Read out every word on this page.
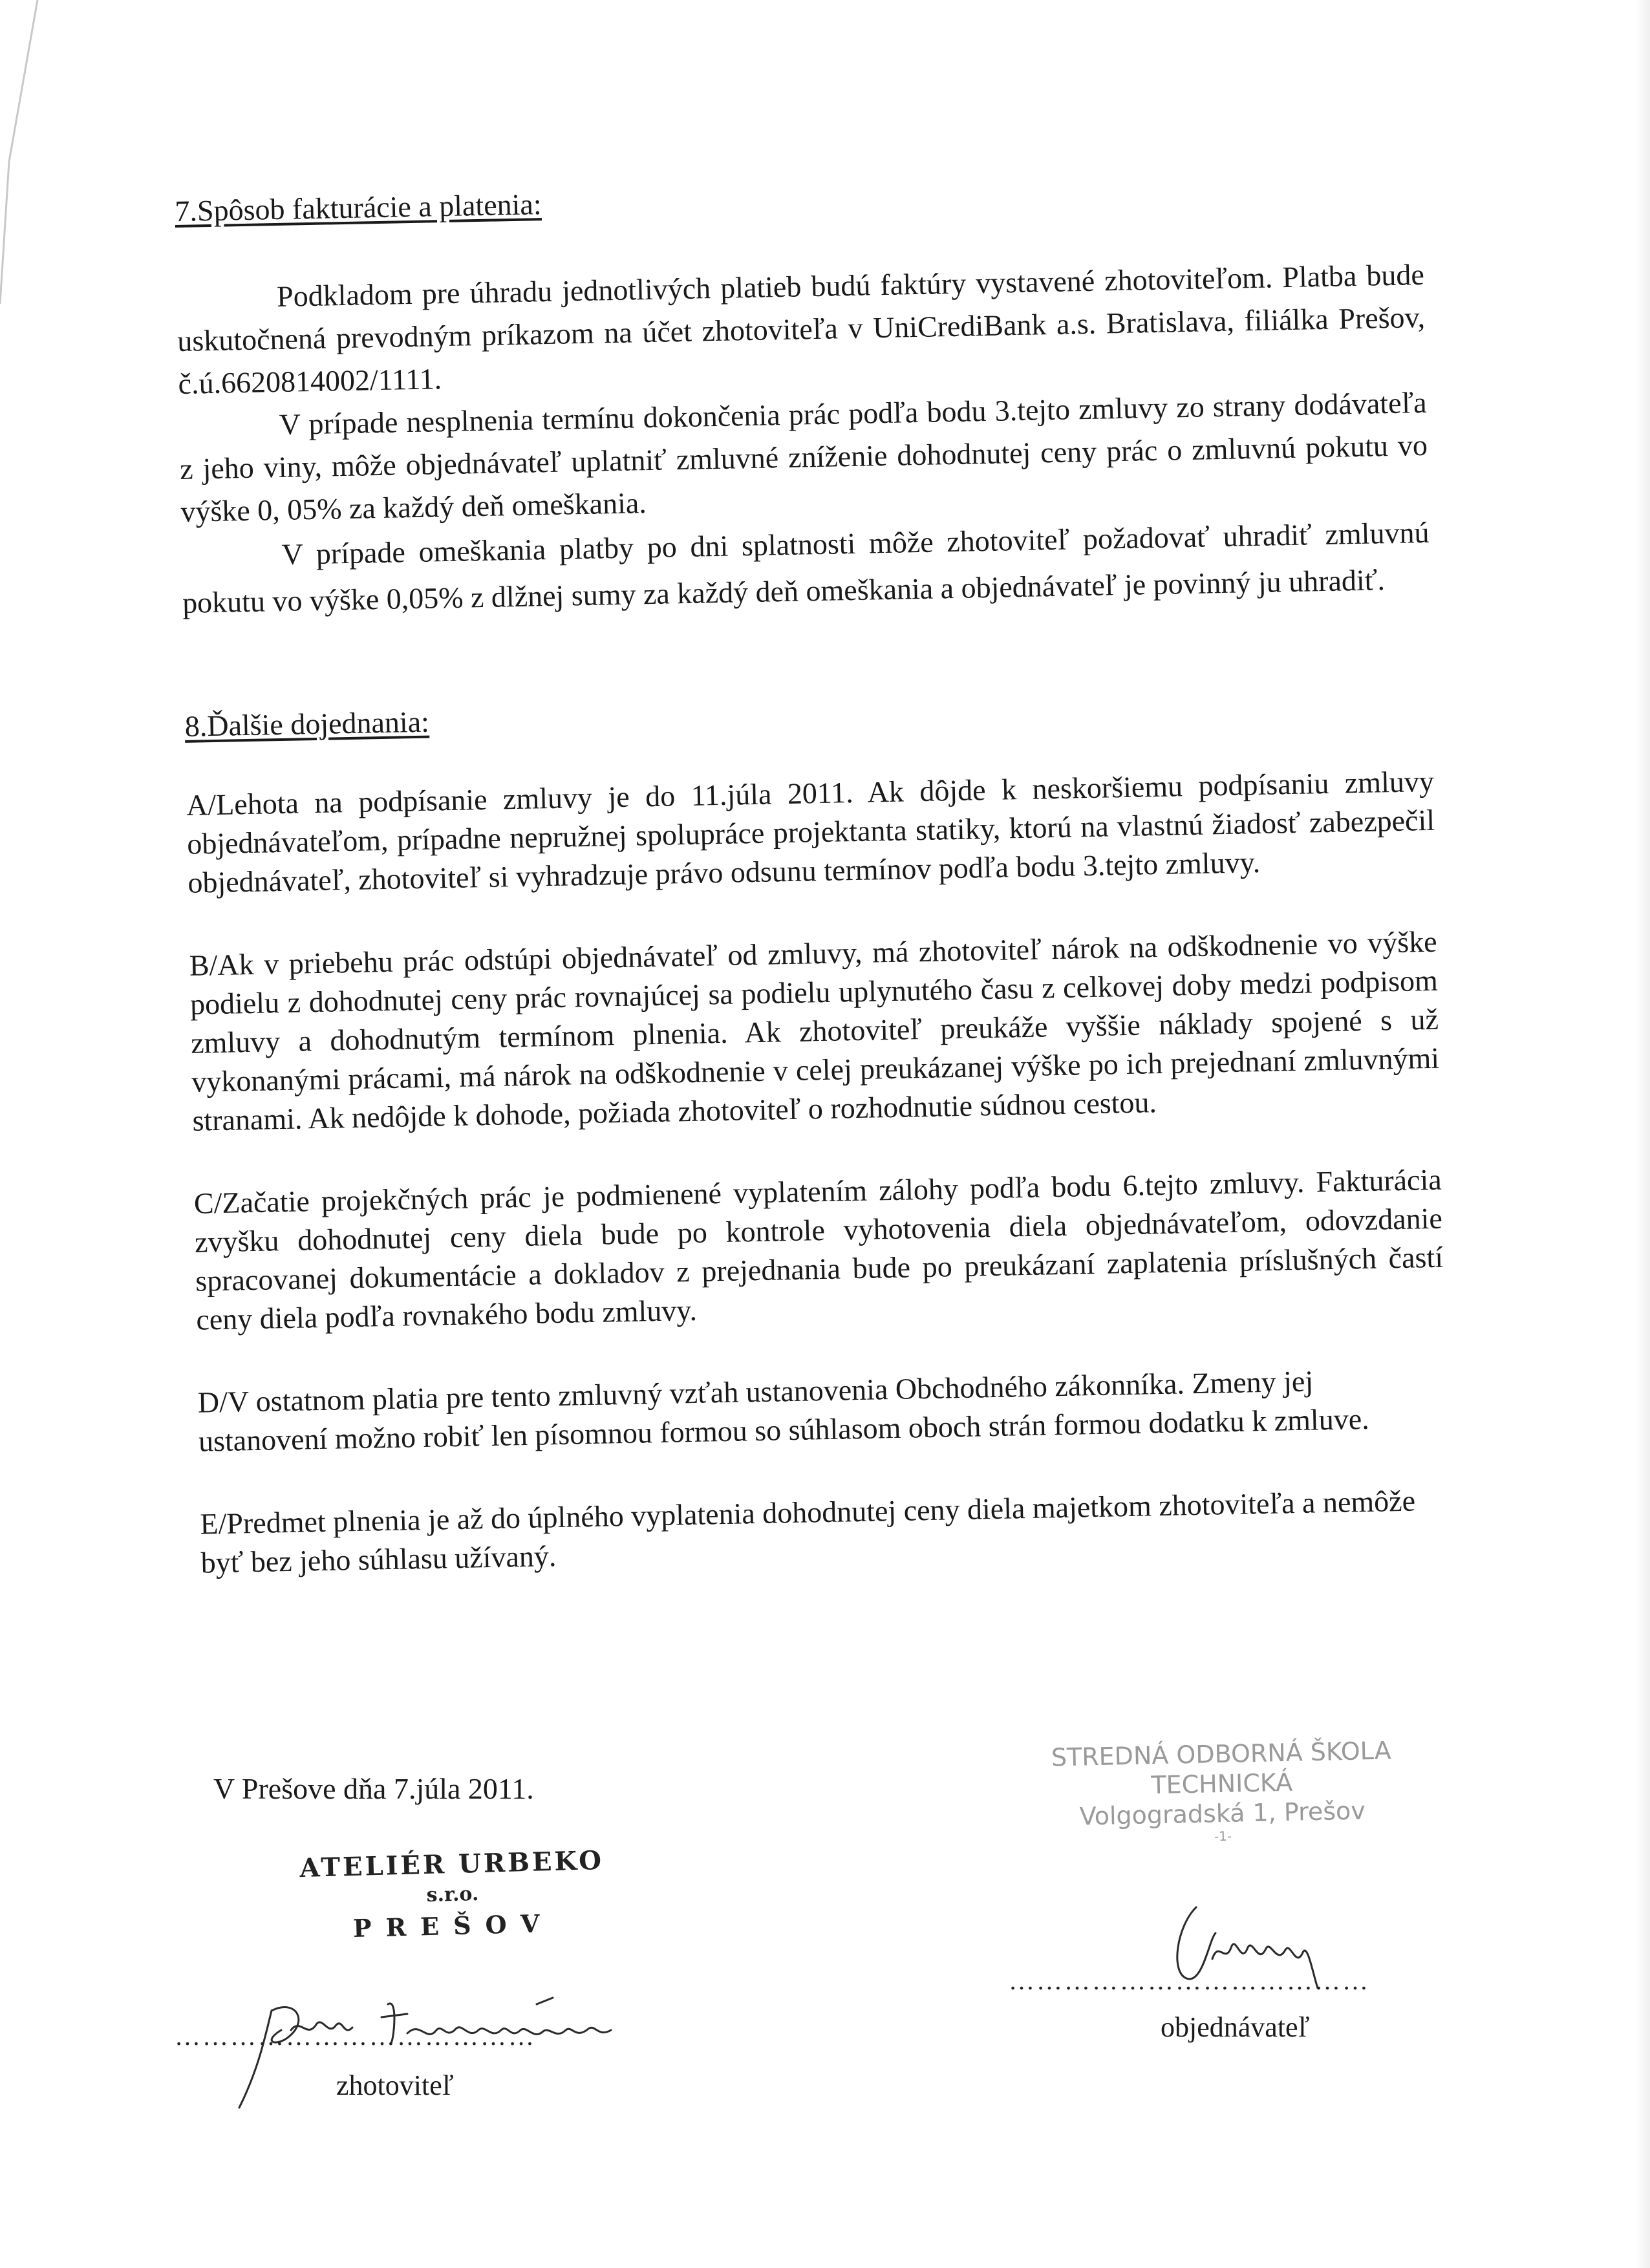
7.Spôsob fakturácie a platenia:

Podkladom pre úhradu jednotlivých platieb budú faktúry vystavené zhotoviteľom. Platba bude uskutočnená prevodným príkazom na účet zhotoviteľa v UniCrediBank a.s. Bratislava, filiálka Prešov, č.ú.6620814002/1111.

V prípade nesplnenia termínu dokončenia prác podľa bodu 3.tejto zmluvy zo strany dodávateľa z jeho viny, môže objednávateľ uplatniť zmluvné zníženie dohodnutej ceny prác o zmluvnú pokutu vo výške 0, 05% za každý deň omeškania.

V prípade omeškania platby po dni splatnosti môže zhotoviteľ požadovať uhradiť zmluvnú pokutu vo výške 0,05% z dlžnej sumy za každý deň omeškania a objednávateľ je povinný ju uhradiť.

8.Ďalšie dojednania:

A/Lehota na podpísanie zmluvy je do 11.júla 2011. Ak dôjde k neskoršiemu podpísaniu zmluvy objednávateľom, prípadne nepružnej spolupráce projektanta statiky, ktorú na vlastnú žiadosť zabezpečil objednávateľ, zhotoviteľ si vyhradzuje právo odsunu termínov podľa bodu 3.tejto zmluvy.

B/Ak v priebehu prác odstúpi objednávateľ od zmluvy, má zhotoviteľ nárok na odškodnenie vo výške podielu z dohodnutej ceny prác rovnajúcej sa podielu uplynutého času z celkovej doby medzi podpisom zmluvy a dohodnutým termínom plnenia. Ak zhotoviteľ preukáže vyššie náklady spojené s už vykonanými prácami, má nárok na odškodnenie v celej preukázanej výške po ich prejednaní zmluvnými stranami. Ak nedôjde k dohode, požiada zhotoviteľ o rozhodnutie súdnou cestou.

C/Začatie projekčných prác je podmienené vyplatením zálohy podľa bodu 6.tejto zmluvy. Fakturácia zvyšku dohodnutej ceny diela bude po kontrole vyhotovenia diela objednávateľom, odovzdanie spracovanej dokumentácie a dokladov z prejednania bude po preukázaní zaplatenia príslušných častí ceny diela podľa rovnakého bodu zmluvy.

D/V ostatnom platia pre tento zmluvný vzťah ustanovenia Obchodného zákonníka. Zmeny jej ustanovení možno robiť len písomnou formou so súhlasom oboch strán formou dodatku k zmluve.

E/Predmet plnenia je až do úplného vyplatenia dohodnutej ceny diela majetkom zhotoviteľa a nemôže byť bez jeho súhlasu užívaný.

V Prešove dňa 7.júla 2011.
STREDNÁ ODBORNÁ ŠKOLA
TECHNICKÁ
Volgogradská 1, Prešov
-1-
ATELIÉR URBEKO
s.r.o.
PREŠOV
…………………………………
zhotoviteľ
…………………………………
objednávateľ
